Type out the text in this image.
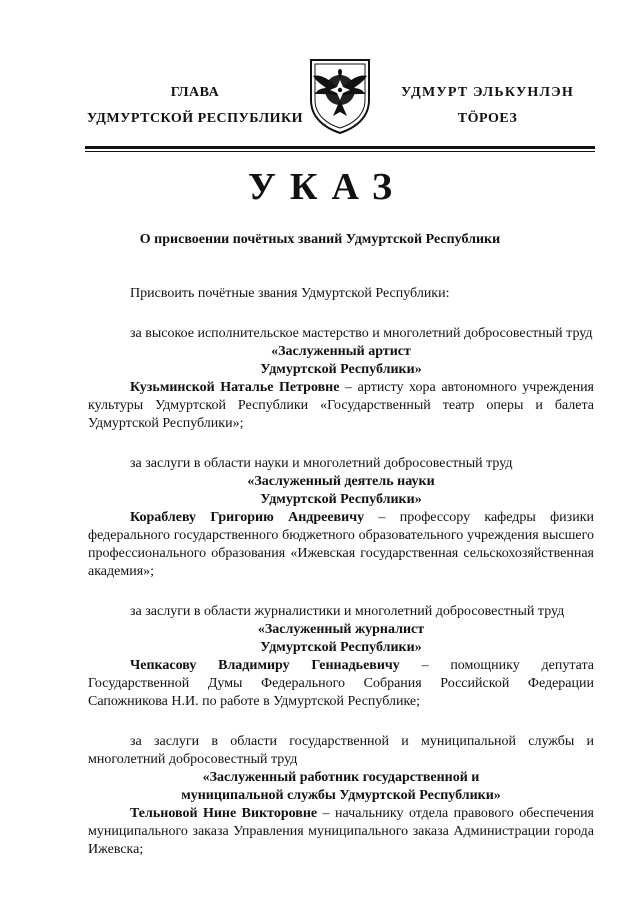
ГЛАВА
УДМУРТСКОЙ РЕСПУБЛИКИ
УДМУРТ ЭЛЬКУНЛЭН
ТӦРОЕЗ
УКАЗ
О присвоении почётных званий Удмуртской Республики

Присвоить почётные звания Удмуртской Республики:

за высокое исполнительское мастерство и многолетний добросовестный труд

«Заслуженный артист

Удмуртской Республики»

Кузьминской Наталье Петровне – артисту хора автономного учреждения культуры Удмуртской Республики «Государственный театр оперы и балета Удмуртской Республики»;

за заслуги в области науки и многолетний добросовестный труд

«Заслуженный деятель науки

Удмуртской Республики»

Кораблеву Григорию Андреевичу – профессору кафедры физики федерального государственного бюджетного образовательного учреждения высшего профессионального образования «Ижевская государственная сельскохозяйственная академия»;

за заслуги в области журналистики и многолетний добросовестный труд

«Заслуженный журналист

Удмуртской Республики»

Чепкасову Владимиру Геннадьевичу – помощнику депутата Государственной Думы Федерального Собрания Российской Федерации Сапожникова Н.И. по работе в Удмуртской Республике;

за заслуги в области государственной и муниципальной службы и многолетний добросовестный труд

«Заслуженный работник государственной и

муниципальной службы Удмуртской Республики»

Тельновой Нине Викторовне – начальнику отдела правового обеспечения муниципального заказа Управления муниципального заказа Администрации города Ижевска;
